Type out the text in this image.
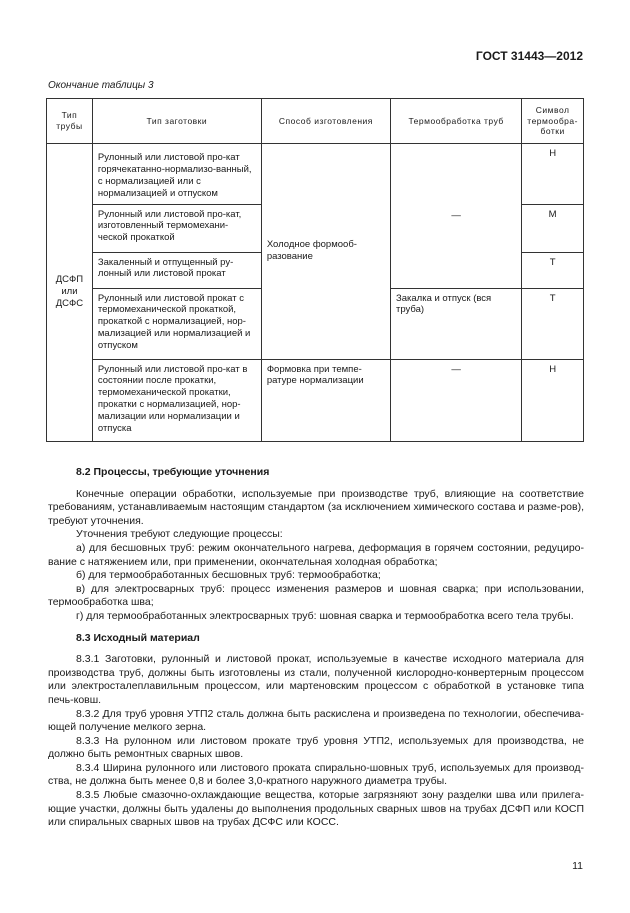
ГОСТ 31443—2012
Окончание таблицы 3
Тип трубы	Тип заготовки	Способ изготовления	Термообработка труб	Символ термообра-ботки
ДСФП или ДСФС	Рулонный или листовой про-кат горячекатанно-нормализо-ванный, с нормализацией или с нормализацией и отпуском	Холодное формооб-разование	—	Н
	Рулонный или листовой про-кат, изготовленный термомехани-ческой прокаткой			М
	Закаленный и отпущенный ру-лонный или листовой прокат			Т
	Рулонный или листовой прокат с термомеханической прокаткой, прокаткой с нормализацией, нор-мализацией или нормализацией и отпуском		Закалка и отпуск (вся труба)	Т
	Рулонный или листовой про-кат в состоянии после прокатки, термомеханической прокатки, прокатки с нормализацией, нор-мализации или нормализации и отпуска	Формовка при темпе-ратуре нормализации	—	Н
8.2 Процессы, требующие уточнения

Конечные операции обработки, используемые при производстве труб, влияющие на соответствие требованиям, устанавливаемым настоящим стандартом (за исключением химического состава и разме-ров), требуют уточнения.

Уточнения требуют следующие процессы:

а) для бесшовных труб: режим окончательного нагрева, деформация в горячем состоянии, редуциро-вание с натяжением или, при применении, окончательная холодная обработка;

б) для термообработанных бесшовных труб: термообработка;

в) для электросварных труб: процесс изменения размеров и шовная сварка; при использовании, термообработка шва;

г) для термообработанных электросварных труб: шовная сварка и термообработка всего тела трубы.

8.3 Исходный материал

8.3.1 Заготовки, рулонный и листовой прокат, используемые в качестве исходного материала для производства труб, должны быть изготовлены из стали, полученной кислородно-конвертерным процессом или электросталеплавильным процессом, или мартеновским процессом с обработкой в установке типа печь-ковш.

8.3.2 Для труб уровня УТП2 сталь должна быть раскислена и произведена по технологии, обеспечива-ющей получение мелкого зерна.

8.3.3 На рулонном или листовом прокате труб уровня УТП2, используемых для производства, не должно быть ремонтных сварных швов.

8.3.4 Ширина рулонного или листового проката спирально-шовных труб, используемых для производ-ства, не должна быть менее 0,8 и более 3,0-кратного наружного диаметра трубы.

8.3.5 Любые смазочно-охлаждающие вещества, которые загрязняют зону разделки шва или прилега-ющие участки, должны быть удалены до выполнения продольных сварных швов на трубах ДСФП или КОСП или спиральных сварных швов на трубах ДСФС или КОСС.

11
